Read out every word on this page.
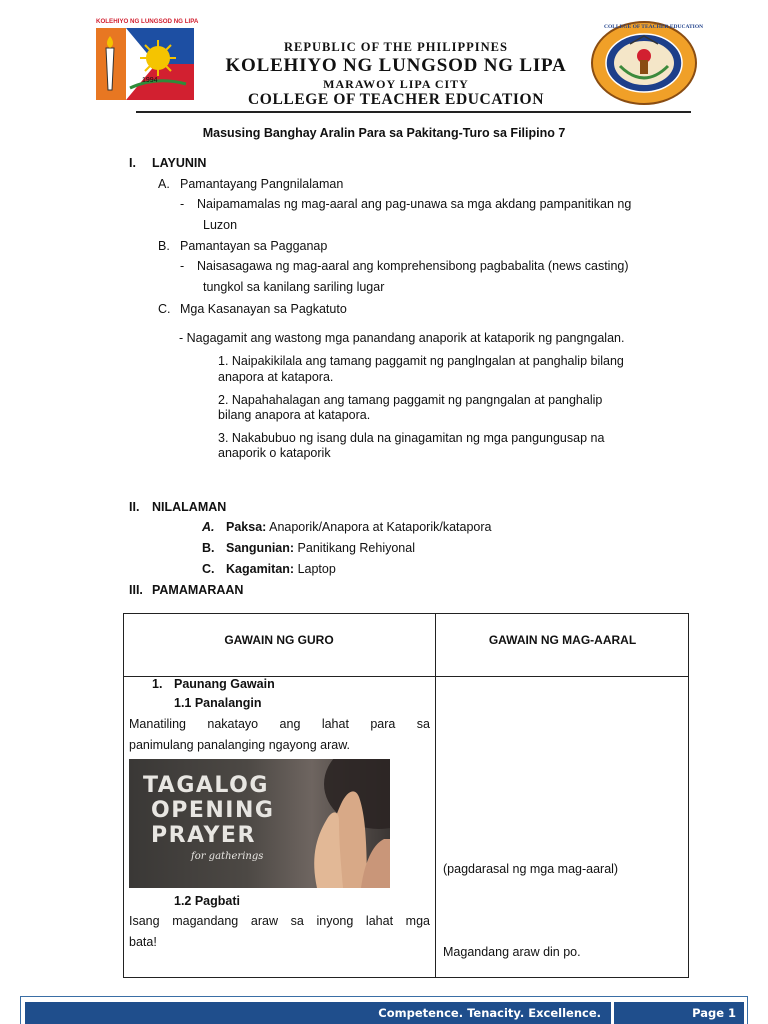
1994
KOLEHIYO NG LUNGSOD NG LIPA
COLLEGE OF TEACHER EDUCATION
REPUBLIC OF THE PHILIPPINES
KOLEHIYO NG LUNGSOD NG LIPA
MARAWOY LIPA CITY
COLLEGE OF TEACHER EDUCATION
Masusing Banghay Aralin Para sa Pakitang-Turo sa Filipino 7
I. LAYUNIN
A. Pamantayang Pangnilalaman
- Naipamamalas ng mag-aaral ang pag-unawa sa mga akdang pampanitikan ng
Luzon
B. Pamantayan sa Pagganap
- Naisasagawa ng mag-aaral ang komprehensibong pagbabalita (news casting)
tungkol sa kanilang sariling lugar
C. Mga Kasanayan sa Pagkatuto
- Nagagamit ang wastong mga panandang anaporik at kataporik ng pangngalan.
1. Naipakikilala ang tamang paggamit ng panglngalan at panghalip bilang
anapora at katapora.
2. Napahahalagan ang tamang paggamit ng pangngalan at panghalip
bilang anapora at katapora.
3. Nakabubuo ng isang dula na ginagamitan ng mga pangungusap na
anaporik o kataporik
II. NILALAMAN
A. Paksa: Anaporik/Anapora at Kataporik/katapora
B. Sangunian: Panitikang Rehiyonal
C. Kagamitan: Laptop
III. PAMAMARAAN
GAWAIN NG GURO	GAWAIN NG MAG-AARAL
1. Paunang Gawain
1.1 Panalangin
Manatiling nakatayo ang lahat para sa
panimulang panalanging ngayong araw.
TAGALOG
OPENING
PRAYER
for gatherings
(pagdarasal ng mga mag-aaral)
1.2 Pagbati
Isang magandang araw sa inyong lahat mga
bata!
Magandang araw din po.
Competence. Tenacity. Excellence.	Page 1
